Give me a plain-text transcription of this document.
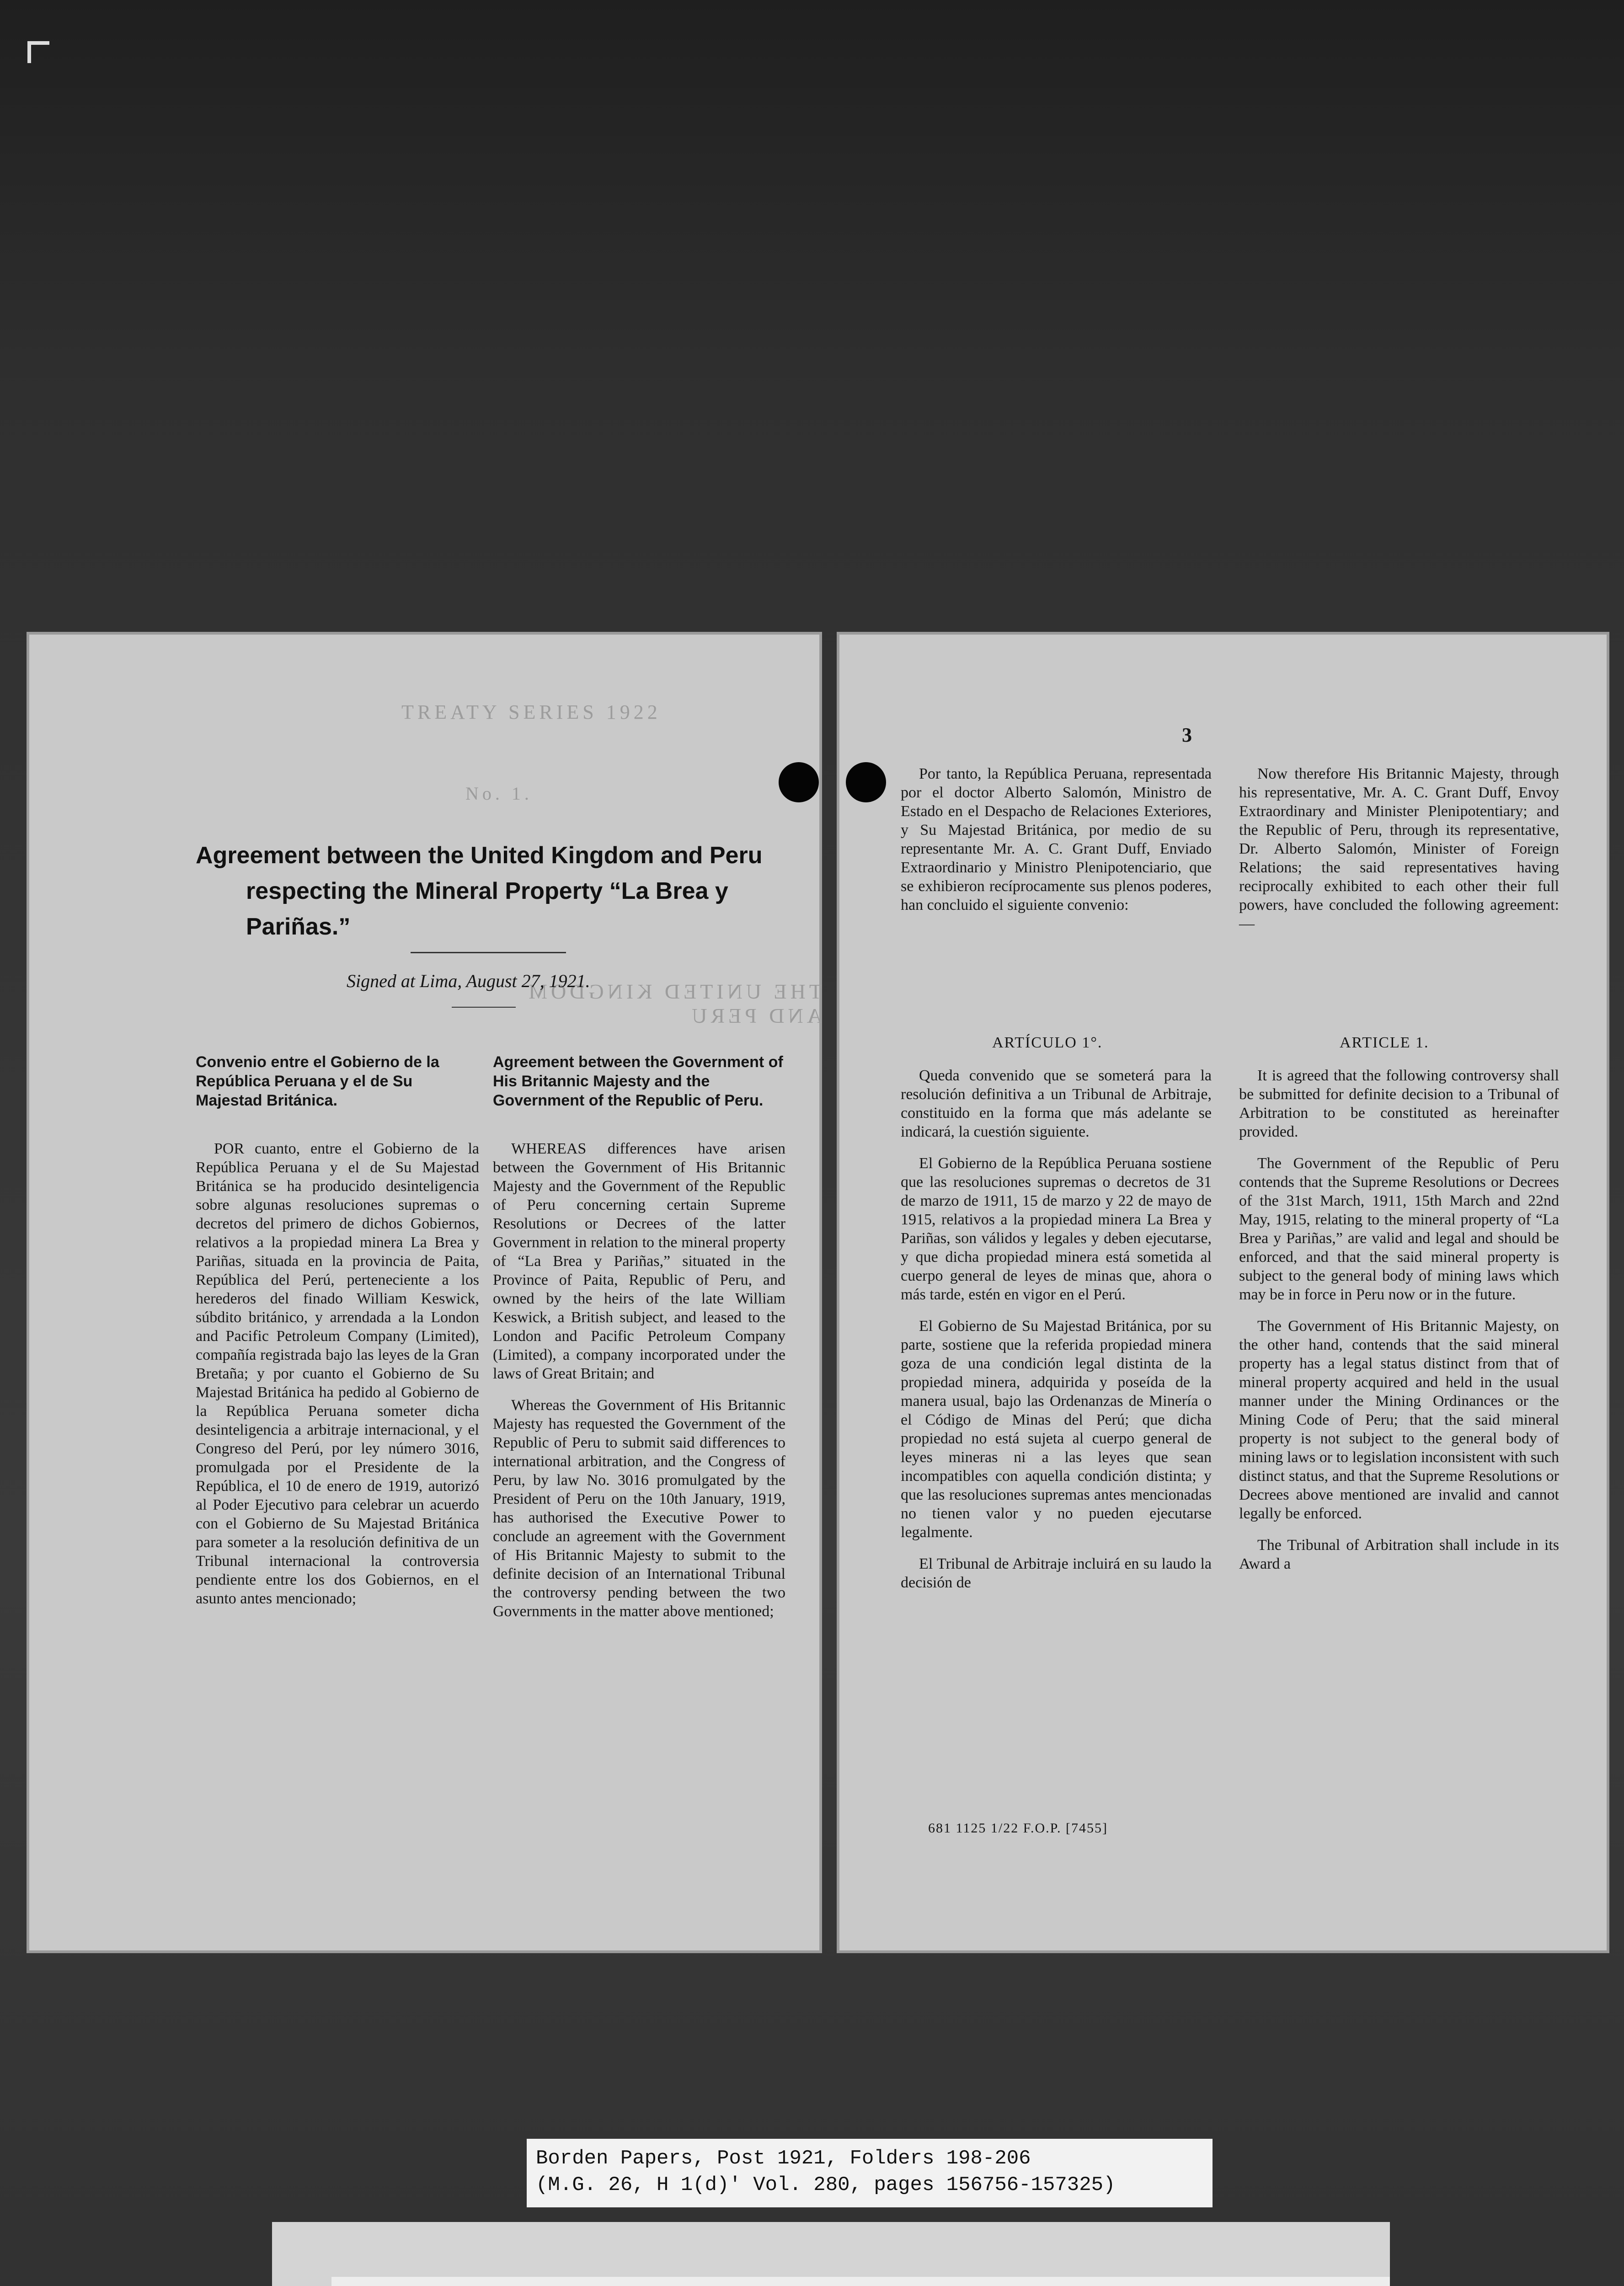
TREATY SERIES 1922
No. 1.
THE UNITED KINGDOM AND PERU
Agreement between the United Kingdom and Peru
respecting the Mineral Property “La Brea y
Pariñas.”
Signed at Lima, August 27, 1921.
Convenio entre el Gobierno de la República Peruana y el de Su Majestad Británica.
Agreement between the Government of His Britannic Majesty and the Government of the Republic of Peru.

POR cuanto, entre el Gobierno de la República Peruana y el de Su Majestad Británica se ha producido desinteligencia sobre algunas resoluciones supremas o decretos del primero de dichos Gobiernos, relativos a la propiedad minera La Brea y Pariñas, situada en la provincia de Paita, República del Perú, perteneciente a los herederos del finado William Keswick, súbdito británico, y arrendada a la London and Pacific Petroleum Company (Limited), compañía registrada bajo las leyes de la Gran Bretaña; y por cuanto el Gobierno de Su Majestad Británica ha pedido al Gobierno de la República Peruana someter dicha desinteligencia a arbitraje internacional, y el Congreso del Perú, por ley número 3016, promulgada por el Presidente de la República, el 10 de enero de 1919, autorizó al Poder Ejecutivo para celebrar un acuerdo con el Gobierno de Su Majestad Británica para someter a la resolución definitiva de un Tribunal internacional la controversia pendiente entre los dos Gobiernos, en el asunto antes mencionado;

WHEREAS differences have arisen between the Government of His Britannic Majesty and the Government of the Republic of Peru concerning certain Supreme Resolutions or Decrees of the latter Government in relation to the mineral property of “La Brea y Pariñas,” situated in the Province of Paita, Republic of Peru, and owned by the heirs of the late William Keswick, a British subject, and leased to the London and Pacific Petroleum Company (Limited), a company incorporated under the laws of Great Britain; and

Whereas the Government of His Britannic Majesty has requested the Government of the Republic of Peru to submit said differences to international arbitration, and the Congress of Peru, by law No. 3016 promulgated by the President of Peru on the 10th January, 1919, has authorised the Executive Power to conclude an agreement with the Government of His Britannic Majesty to submit to the definite decision of an International Tribunal the controversy pending between the two Governments in the matter above mentioned;

3

Por tanto, la República Peruana, representada por el doctor Alberto Salomón, Ministro de Estado en el Despacho de Relaciones Exteriores, y Su Majestad Británica, por medio de su representante Mr. A. C. Grant Duff, Enviado Extraordinario y Ministro Plenipotenciario, que se exhibieron recíprocamente sus plenos poderes, han concluido el siguiente convenio:

Now therefore His Britannic Majesty, through his representative, Mr. A. C. Grant Duff, Envoy Extraordinary and Minister Plenipotentiary; and the Republic of Peru, through its representative, Dr. Alberto Salomón, Minister of Foreign Relations; the said representatives having reciprocally exhibited to each other their full powers, have concluded the following agreement:—

ARTÍCULO 1°.	ARTICLE 1.

Queda convenido que se someterá para la resolución definitiva a un Tribunal de Arbitraje, constituido en la forma que más adelante se indicará, la cuestión siguiente.

El Gobierno de la República Peruana sostiene que las resoluciones supremas o decretos de 31 de marzo de 1911, 15 de marzo y 22 de mayo de 1915, relativos a la propiedad minera La Brea y Pariñas, son válidos y legales y deben ejecutarse, y que dicha propiedad minera está sometida al cuerpo general de leyes de minas que, ahora o más tarde, estén en vigor en el Perú.

El Gobierno de Su Majestad Británica, por su parte, sostiene que la referida propiedad minera goza de una condición legal distinta de la propiedad minera, adquirida y poseída de la manera usual, bajo las Ordenanzas de Minería o el Código de Minas del Perú; que dicha propiedad no está sujeta al cuerpo general de leyes mineras ni a las leyes que sean incompatibles con aquella condición distinta; y que las resoluciones supremas antes mencionadas no tienen valor y no pueden ejecutarse legalmente.

El Tribunal de Arbitraje incluirá en su laudo la decisión de

It is agreed that the following controversy shall be submitted for definite decision to a Tribunal of Arbitration to be constituted as hereinafter provided.

The Government of the Republic of Peru contends that the Supreme Resolutions or Decrees of the 31st March, 1911, 15th March and 22nd May, 1915, relating to the mineral property of “La Brea y Pariñas,” are valid and legal and should be enforced, and that the said mineral property is subject to the general body of mining laws which may be in force in Peru now or in the future.

The Government of His Britannic Majesty, on the other hand, contends that the said mineral property has a legal status distinct from that of mineral property acquired and held in the usual manner under the Mining Ordinances or the Mining Code of Peru; that the said mineral property is not subject to the general body of mining laws or to legislation inconsistent with such distinct status, and that the Supreme Resolutions or Decrees above mentioned are invalid and cannot legally be enforced.

The Tribunal of Arbitration shall include in its Award a

681 1125 1/22 F.O.P. [7455]
Borden Papers, Post 1921, Folders 198-206
(M.G. 26, H 1(d)' Vol. 280, pages 156756-157325)
